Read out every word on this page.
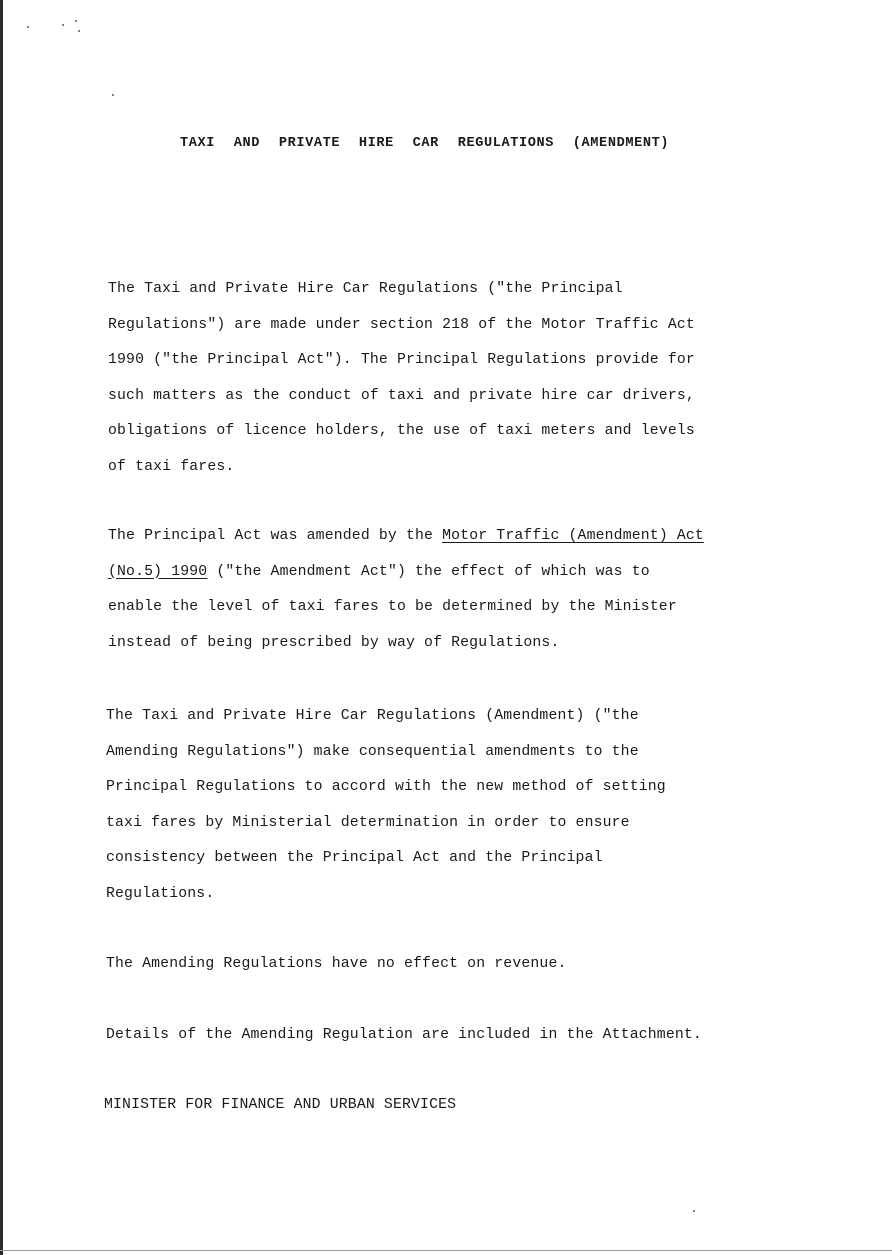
TAXI AND PRIVATE HIRE CAR REGULATIONS (AMENDMENT)
The Taxi and Private Hire Car Regulations ("the Principal
Regulations") are made under section 218 of the Motor Traffic Act
1990 ("the Principal Act"). The Principal Regulations provide for
such matters as the conduct of taxi and private hire car drivers,
obligations of licence holders, the use of taxi meters and levels
of taxi fares.
The Principal Act was amended by the Motor Traffic (Amendment) Act
(No.5) 1990 ("the Amendment Act") the effect of which was to
enable the level of taxi fares to be determined by the Minister
instead of being prescribed by way of Regulations.
The Taxi and Private Hire Car Regulations (Amendment) ("the
Amending Regulations") make consequential amendments to the
Principal Regulations to accord with the new method of setting
taxi fares by Ministerial determination in order to ensure
consistency between the Principal Act and the Principal
Regulations.
The Amending Regulations have no effect on revenue.
Details of the Amending Regulation are included in the Attachment.
MINISTER FOR FINANCE AND URBAN SERVICES
